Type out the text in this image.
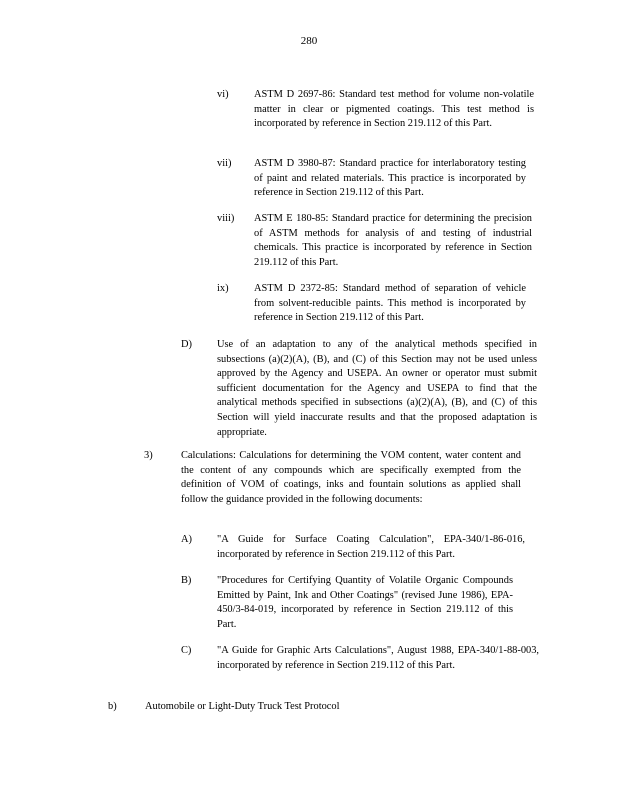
280
vi) ASTM D 2697-86: Standard test method for volume non-volatile matter in clear or pigmented coatings. This test method is incorporated by reference in Section 219.112 of this Part.
vii) ASTM D 3980-87: Standard practice for interlaboratory testing of paint and related materials. This practice is incorporated by reference in Section 219.112 of this Part.
viii) ASTM E 180-85: Standard practice for determining the precision of ASTM methods for analysis of and testing of industrial chemicals. This practice is incorporated by reference in Section 219.112 of this Part.
ix) ASTM D 2372-85: Standard method of separation of vehicle from solvent-reducible paints. This method is incorporated by reference in Section 219.112 of this Part.
D) Use of an adaptation to any of the analytical methods specified in subsections (a)(2)(A), (B), and (C) of this Section may not be used unless approved by the Agency and USEPA. An owner or operator must submit sufficient documentation for the Agency and USEPA to find that the analytical methods specified in subsections (a)(2)(A), (B), and (C) of this Section will yield inaccurate results and that the proposed adaptation is appropriate.
3)	Calculations: Calculations for determining the VOM content, water content and the content of any compounds which are specifically exempted from the definition of VOM of coatings, inks and fountain solutions as applied shall follow the guidance provided in the following documents:
A) "A Guide for Surface Coating Calculation", EPA-340/1-86-016, incorporated by reference in Section 219.112 of this Part.
B) "Procedures for Certifying Quantity of Volatile Organic Compounds Emitted by Paint, Ink and Other Coatings" (revised June 1986), EPA-450/3-84-019, incorporated by reference in Section 219.112 of this Part.
C) "A Guide for Graphic Arts Calculations", August 1988, EPA-340/1-88-003, incorporated by reference in Section 219.112 of this Part.
b)	Automobile or Light-Duty Truck Test Protocol
